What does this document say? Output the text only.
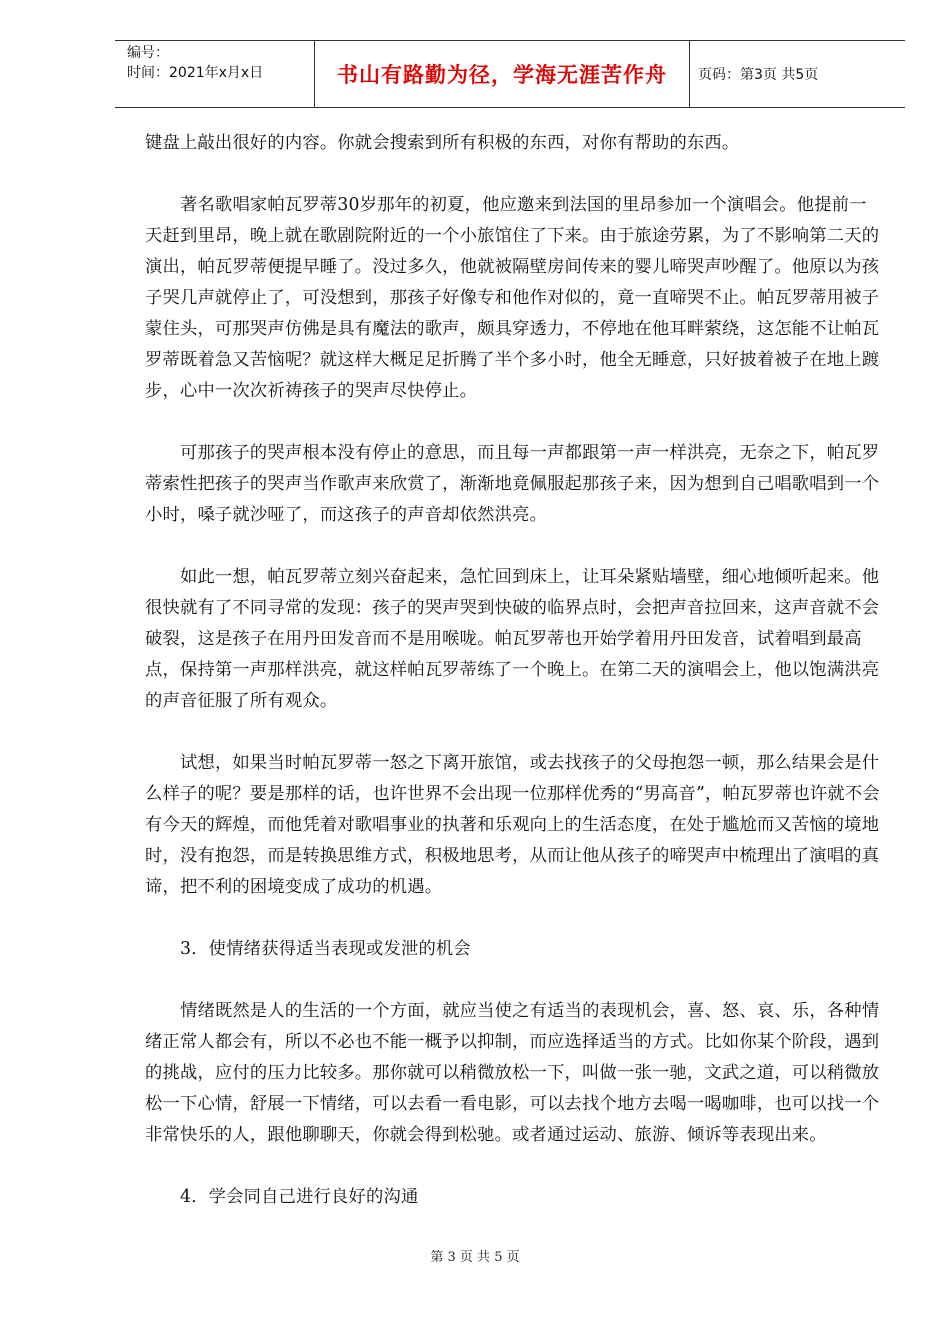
编号：
时间：2021年x月x日	书山有路勤为径，学海无涯苦作舟	页码：第3页 共5页

键盘上敲出很好的内容。你就会搜索到所有积极的东西，对你有帮助的东西。

著名歌唱家帕瓦罗蒂30岁那年的初夏，他应邀来到法国的里昂参加一个演唱会。他提前一天赶到里昂，晚上就在歌剧院附近的一个小旅馆住了下来。由于旅途劳累，为了不影响第二天的演出，帕瓦罗蒂便提早睡了。没过多久，他就被隔壁房间传来的婴儿啼哭声吵醒了。他原以为孩子哭几声就停止了，可没想到，那孩子好像专和他作对似的，竟一直啼哭不止。帕瓦罗蒂用被子蒙住头，可那哭声仿佛是具有魔法的歌声，颇具穿透力，不停地在他耳畔萦绕，这怎能不让帕瓦罗蒂既着急又苦恼呢？就这样大概足足折腾了半个多小时，他全无睡意，只好披着被子在地上踱步，心中一次次祈祷孩子的哭声尽快停止。

可那孩子的哭声根本没有停止的意思，而且每一声都跟第一声一样洪亮，无奈之下，帕瓦罗蒂索性把孩子的哭声当作歌声来欣赏了，渐渐地竟佩服起那孩子来，因为想到自己唱歌唱到一个小时，嗓子就沙哑了，而这孩子的声音却依然洪亮。

如此一想，帕瓦罗蒂立刻兴奋起来，急忙回到床上，让耳朵紧贴墙壁，细心地倾听起来。他很快就有了不同寻常的发现：孩子的哭声哭到快破的临界点时，会把声音拉回来，这声音就不会破裂，这是孩子在用丹田发音而不是用喉咙。帕瓦罗蒂也开始学着用丹田发音，试着唱到最高点，保持第一声那样洪亮，就这样帕瓦罗蒂练了一个晚上。在第二天的演唱会上，他以饱满洪亮的声音征服了所有观众。

试想，如果当时帕瓦罗蒂一怒之下离开旅馆，或去找孩子的父母抱怨一顿，那么结果会是什么样子的呢？要是那样的话，也许世界不会出现一位那样优秀的“男高音”，帕瓦罗蒂也许就不会有今天的辉煌，而他凭着对歌唱事业的执著和乐观向上的生活态度，在处于尴尬而又苦恼的境地时，没有抱怨，而是转换思维方式，积极地思考，从而让他从孩子的啼哭声中梳理出了演唱的真谛，把不利的困境变成了成功的机遇。

3．使情绪获得适当表现或发泄的机会

情绪既然是人的生活的一个方面，就应当使之有适当的表现机会，喜、怒、哀、乐，各种情绪正常人都会有，所以不必也不能一概予以抑制，而应选择适当的方式。比如你某个阶段，遇到的挑战，应付的压力比较多。那你就可以稍微放松一下，叫做一张一驰，文武之道，可以稍微放松一下心情，舒展一下情绪，可以去看一看电影，可以去找个地方去喝一喝咖啡，也可以找一个非常快乐的人，跟他聊聊天，你就会得到松驰。或者通过运动、旅游、倾诉等表现出来。

4．学会同自己进行良好的沟通

第 3 页 共 5 页
